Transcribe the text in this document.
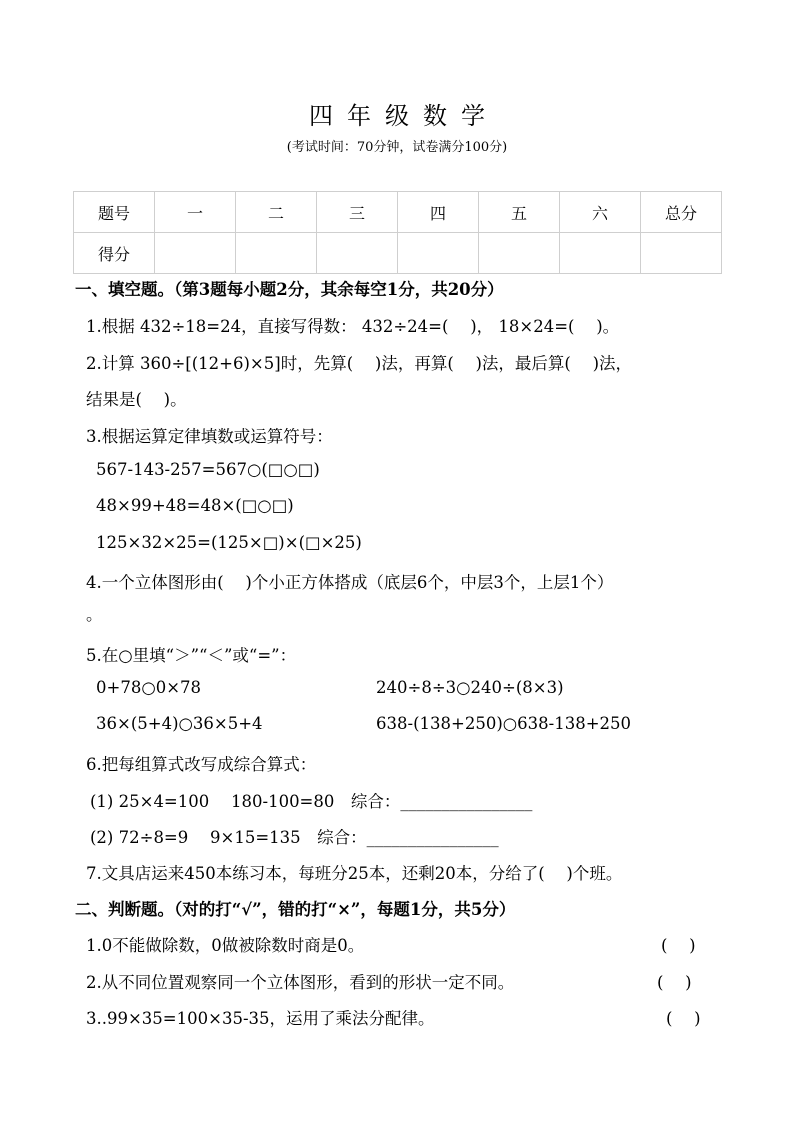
四年级数学
(考试时间：70分钟，试卷满分100分)
题号	一	二	三	四	五	六	总分
得分							
一、填空题。（第3题每小题2分，其余每空1分，共20分）
1.根据 432÷18=24，直接写得数： 432÷24=(　 )， 18×24=(　 )。
2.计算 360÷[(12+6)×5]时，先算(　 )法，再算(　 )法，最后算(　 )法，
结果是(　 )。
3.根据运算定律填数或运算符号：
567-143-257=567○(□○□)
48×99+48=48×(□○□)
125×32×25=(125×□)×(□×25)
4.一个立体图形由(　 )个小正方体搭成（底层6个，中层3个，上层1个）
。
5.在○里填“＞”“＜”或“=”：
0+78○0×78	240÷8÷3○240÷(8×3)
36×(5+4)○36×5+4	638-(138+250)○638-138+250
6.把每组算式改写成综合算式：
(1) 25×4=100　 180-100=80　综合：________________
(2) 72÷8=9　 9×15=135　综合：________________
7.文具店运来450本练习本，每班分25本，还剩20本，分给了(　 )个班。
二、判断题。（对的打“√”，错的打“×”，每题1分，共5分）
1.0不能做除数，0做被除数时商是0。	(　 )
2.从不同位置观察同一个立体图形，看到的形状一定不同。	(　 )
3..99×35=100×35-35，运用了乘法分配律。	(　 )
